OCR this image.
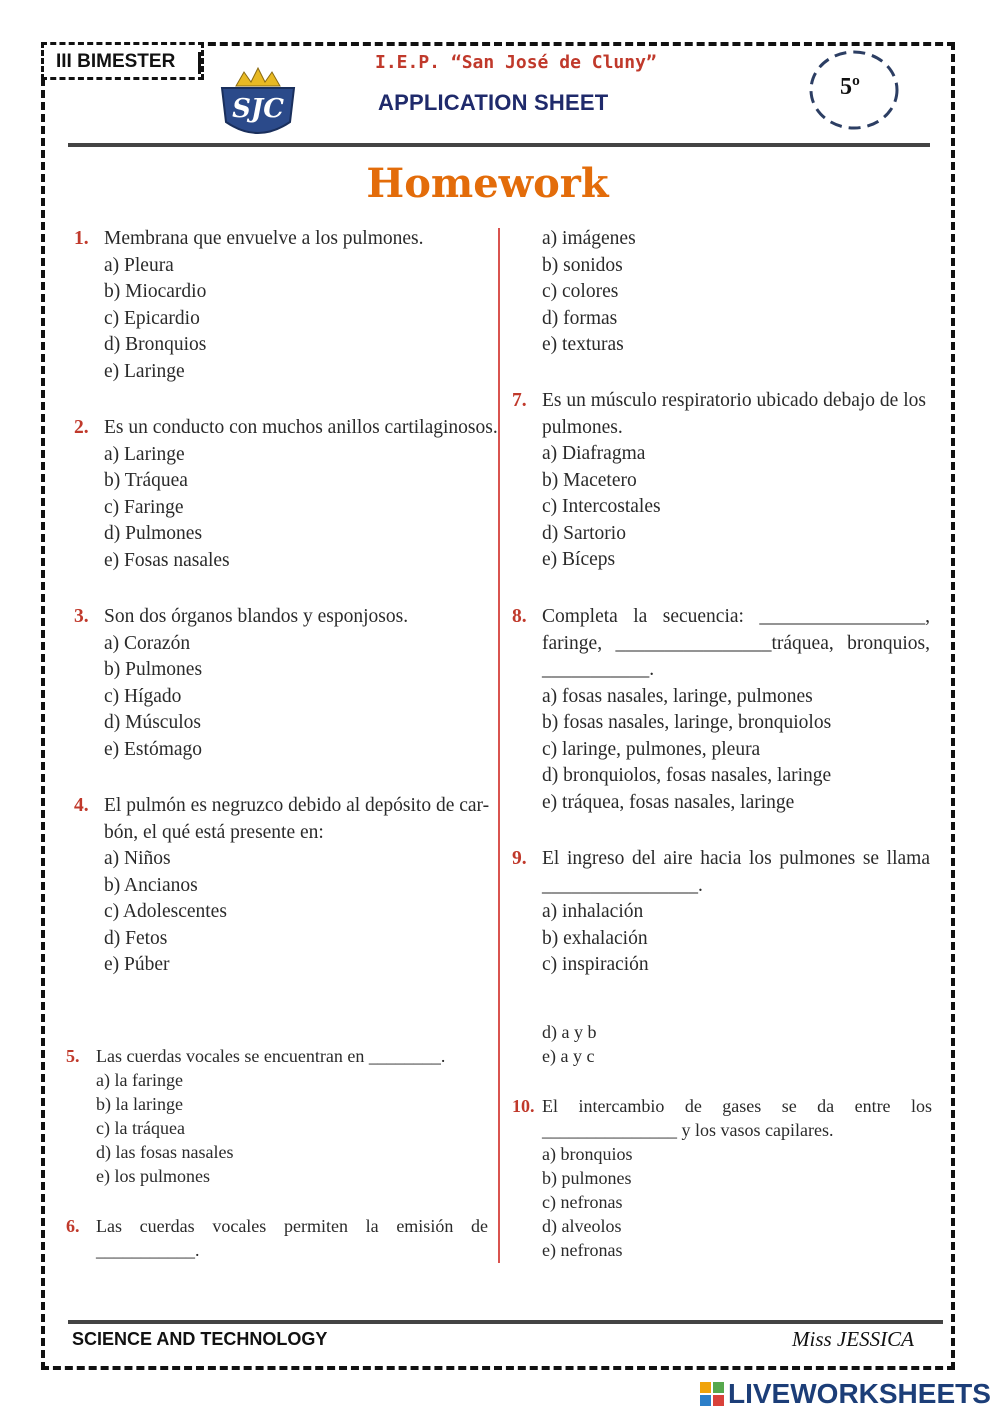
III BIMESTER
SJC
I.E.P. “San José de Cluny”
APPLICATION SHEET
5º
Homework
1. Membrana que envuelve a los pulmones.
a) Pleura
b) Miocardio
c) Epicardio
d) Bronquios
e) Laringe
2. Es un conducto con muchos anillos cartilaginosos.
a) Laringe
b) Tráquea
c) Faringe
d) Pulmones
e) Fosas nasales
3. Son dos órganos blandos y esponjosos.
a) Corazón
b) Pulmones
c) Hígado
d) Músculos
e) Estómago
4. El pulmón es negruzco debido al depósito de car-
bón, el qué está presente en:
a) Niños
b) Ancianos
c) Adolescentes
d) Fetos
e) Púber
5. Las cuerdas vocales se encuentran en ________.
a) la faringe
b) la laringe
c) la tráquea
d) las fosas nasales
e) los pulmones
6. Las cuerdas vocales permiten la emisión de
___________.
a) imágenes
b) sonidos
c) colores
d) formas
e) texturas
7. Es un músculo respiratorio ubicado debajo de los
pulmones.
a) Diafragma
b) Macetero
c) Intercostales
d) Sartorio
e) Bíceps
8. Completa la secuencia: _________________,
faringe, ________________tráquea, bronquios,
___________.
a) fosas nasales, laringe, pulmones
b) fosas nasales, laringe, bronquiolos
c) laringe, pulmones, pleura
d) bronquiolos, fosas nasales, laringe
e) tráquea, fosas nasales, laringe
9. El ingreso del aire hacia los pulmones se llama
________________.
a) inhalación
b) exhalación
c) inspiración
d) a y b
e) a y c
10. El intercambio de gases se da entre los
_______________ y los vasos capilares.
a) bronquios
b) pulmones
c) nefronas
d) alveolos
e) nefronas
SCIENCE AND TECHNOLOGY	Miss JESSICA
LIVEWORKSHEETS
